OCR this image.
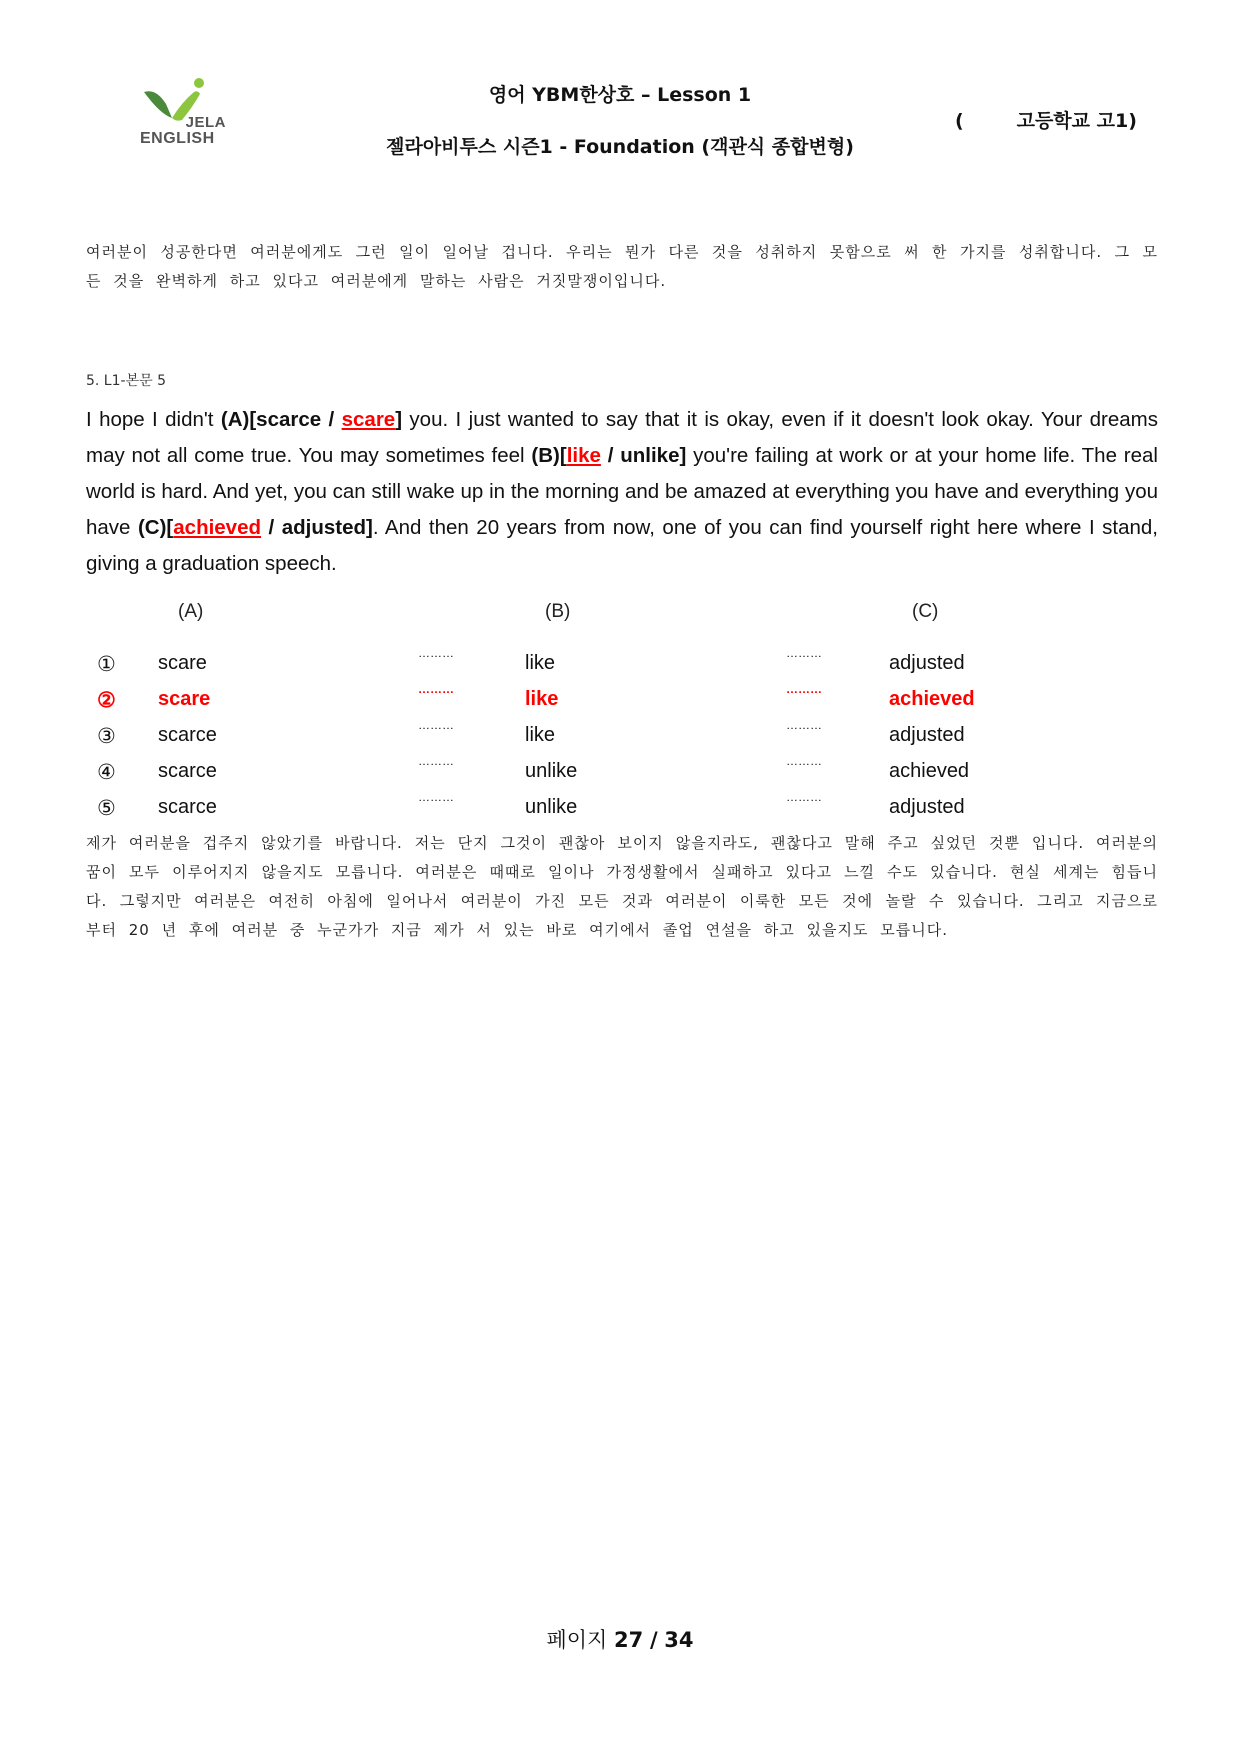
JELA
ENGLISH
영어 YBM한상호 – Lesson 1
젤라아비투스 시즌1 - Foundation (객관식 종합변형)
(        고등학교 고1)
여러분이 성공한다면 여러분에게도 그런 일이 일어날 겁니다. 우리는 뭔가 다른 것을 성취하지 못함으로 써 한 가지를 성취합니다. 그 모든 것을 완벽하게 하고 있다고 여러분에게 말하는 사람은 거짓말쟁이입니다.
5. L1-본문 5
I hope I didn't (A)[scarce / scare] you. I just wanted to say that it is okay, even if it doesn't look okay. Your dreams may not all come true. You may sometimes feel (B)[like / unlike] you're failing at work or at your home life. The real world is hard. And yet, you can still wake up in the morning and be amazed at everything you have and everything you have (C)[achieved / adjusted]. And then 20 years from now, one of you can find yourself right here where I stand, giving a graduation speech.
(A)	(B)	(C)
① scare	………	like	………	adjusted
② scare	………	like	………	achieved
③ scarce	………	like	………	adjusted
④ scarce	………	unlike	………	achieved
⑤ scarce	………	unlike	………	adjusted
제가 여러분을 겁주지 않았기를 바랍니다. 저는 단지 그것이 괜찮아 보이지 않을지라도, 괜찮다고 말해 주고 싶었던 것뿐 입니다. 여러분의 꿈이 모두 이루어지지 않을지도 모릅니다. 여러분은 때때로 일이나 가정생활에서 실패하고 있다고 느낄 수도 있습니다. 현실 세계는 힘듭니다. 그렇지만 여러분은 여전히 아침에 일어나서 여러분이 가진 모든 것과 여러분이 이룩한 모든 것에 놀랄 수 있습니다. 그리고 지금으로부터 20 년 후에 여러분 중 누군가가 지금 제가 서 있는 바로 여기에서 졸업 연설을 하고 있을지도 모릅니다.
페이지 27 / 34
